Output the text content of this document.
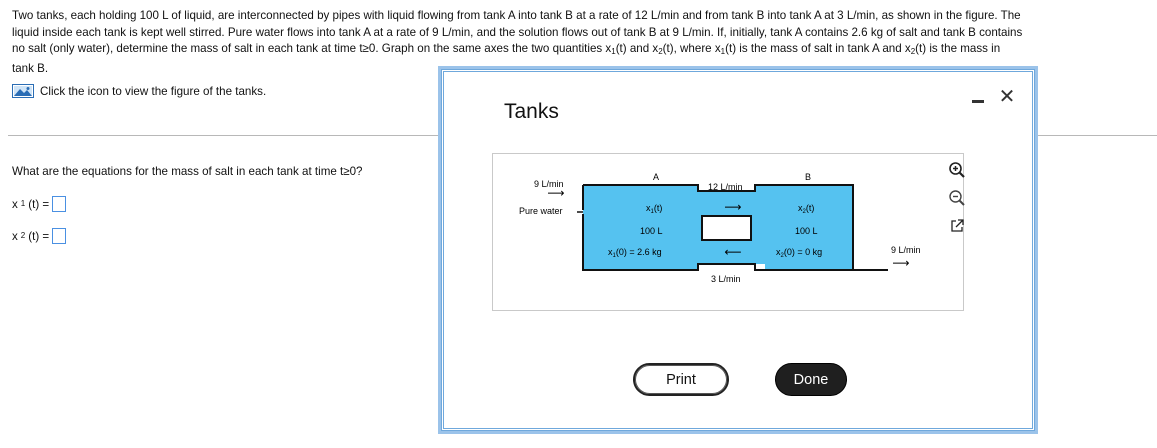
Two tanks, each holding 100 L of liquid, are interconnected by pipes with liquid flowing from tank A into tank B at a rate of 12 L/min and from tank B into tank A at 3 L/min, as shown in the figure. The

liquid inside each tank is kept well stirred. Pure water flows into tank A at a rate of 9 L/min, and the solution flows out of tank B at 9 L/min. If, initially, tank A contains 2.6 kg of salt and tank B contains

no salt (only water), determine the mass of salt in each tank at time t≥0. Graph on the same axes the two quantities $x_1(t)$ and $x_2(t)$, where $x_1(t)$ is the mass of salt in tank A and $x_2(t)$ is the mass in

tank B.

Click the icon to view the figure of the tanks.
What are the equations for the mass of salt in each tank at time t≥0?
x 1 (t) =
x 2 (t) =
Tanks
✕
9 L/min
⟶
Pure water
A	B
12 L/min
⟶
⟵
3 L/min
$x_1(t)$
100 L
$x_1(0) = 2.6$ kg
$x_2(t)$
100 L
$x_2(0) = 0$ kg	9 L/min
⟶
Print	Done
